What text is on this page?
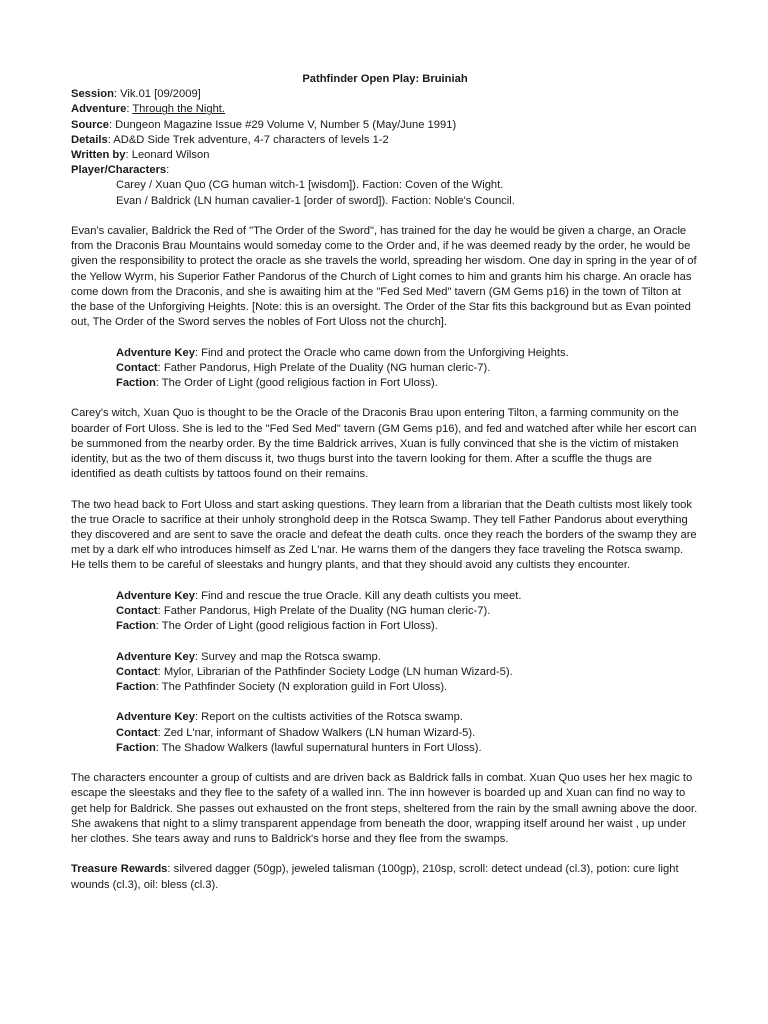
Pathfinder Open Play: Bruiniah
Session: Vik.01 [09/2009]
Adventure: Through the Night.
Source: Dungeon Magazine Issue #29 Volume V, Number 5 (May/June 1991)
Details: AD&D Side Trek adventure, 4-7 characters of levels 1-2
Written by: Leonard Wilson
Player/Characters:
Carey / Xuan Quo (CG human witch-1 [wisdom]). Faction: Coven of the Wight.
Evan / Baldrick (LN human cavalier-1 [order of sword]). Faction: Noble's Council.

Evan's cavalier, Baldrick the Red of "The Order of the Sword", has trained for the day he would be given a charge, an Oracle from the Draconis Brau Mountains would someday come to the Order and, if he was deemed ready by the order, he would be given the responsibility to protect the oracle as she travels the world, spreading her wisdom. One day in spring in the year of of the Yellow Wyrm, his Superior Father Pandorus of the Church of Light comes to him and grants him his charge. An oracle has come down from the Draconis, and she is awaiting him at the "Fed Sed Med" tavern (GM Gems p16) in the town of Tilton at the base of the Unforgiving Heights. [Note: this is an oversight. The Order of the Star fits this background but as Evan pointed out, The Order of the Sword serves the nobles of Fort Uloss not the church].

Adventure Key: Find and protect the Oracle who came down from the Unforgiving Heights.
Contact: Father Pandorus, High Prelate of the Duality (NG human cleric-7).
Faction: The Order of Light (good religious faction in Fort Uloss).

Carey's witch, Xuan Quo is thought to be the Oracle of the Draconis Brau upon entering Tilton, a farming community on the boarder of Fort Uloss. She is led to the "Fed Sed Med" tavern (GM Gems p16), and fed and watched after while her escort can be summoned from the nearby order. By the time Baldrick arrives, Xuan is fully convinced that she is the victim of mistaken identity, but as the two of them discuss it, two thugs burst into the tavern looking for them. After a scuffle the thugs are identified as death cultists by tattoos found on their remains.

The two head back to Fort Uloss and start asking questions. They learn from a librarian that the Death cultists most likely took the true Oracle to sacrifice at their unholy stronghold deep in the Rotsca Swamp. They tell Father Pandorus about everything they discovered and are sent to save the oracle and defeat the death cults. once they reach the borders of the swamp they are met by a dark elf who introduces himself as Zed L'nar. He warns them of the dangers they face traveling the Rotsca swamp. He tells them to be careful of sleestaks and hungry plants, and that they should avoid any cultists they encounter.

Adventure Key: Find and rescue the true Oracle. Kill any death cultists you meet.
Contact: Father Pandorus, High Prelate of the Duality (NG human cleric-7).
Faction: The Order of Light (good religious faction in Fort Uloss).
Adventure Key: Survey and map the Rotsca swamp.
Contact: Mylor, Librarian of the Pathfinder Society Lodge (LN human Wizard-5).
Faction: The Pathfinder Society (N exploration guild in Fort Uloss).
Adventure Key: Report on the cultists activities of the Rotsca swamp.
Contact: Zed L'nar, informant of Shadow Walkers (LN human Wizard-5).
Faction: The Shadow Walkers (lawful supernatural hunters in Fort Uloss).

The characters encounter a group of cultists and are driven back as Baldrick falls in combat. Xuan Quo uses her hex magic to escape the sleestaks and they flee to the safety of a walled inn. The inn however is boarded up and Xuan can find no way to get help for Baldrick. She passes out exhausted on the front steps, sheltered from the rain by the small awning above the door. She awakens that night to a slimy transparent appendage from beneath the door, wrapping itself around her waist , up under her clothes. She tears away and runs to Baldrick's horse and they flee from the swamps.

Treasure Rewards: silvered dagger (50gp), jeweled talisman (100gp), 210sp, scroll: detect undead (cl.3), potion: cure light wounds (cl.3), oil: bless (cl.3).
